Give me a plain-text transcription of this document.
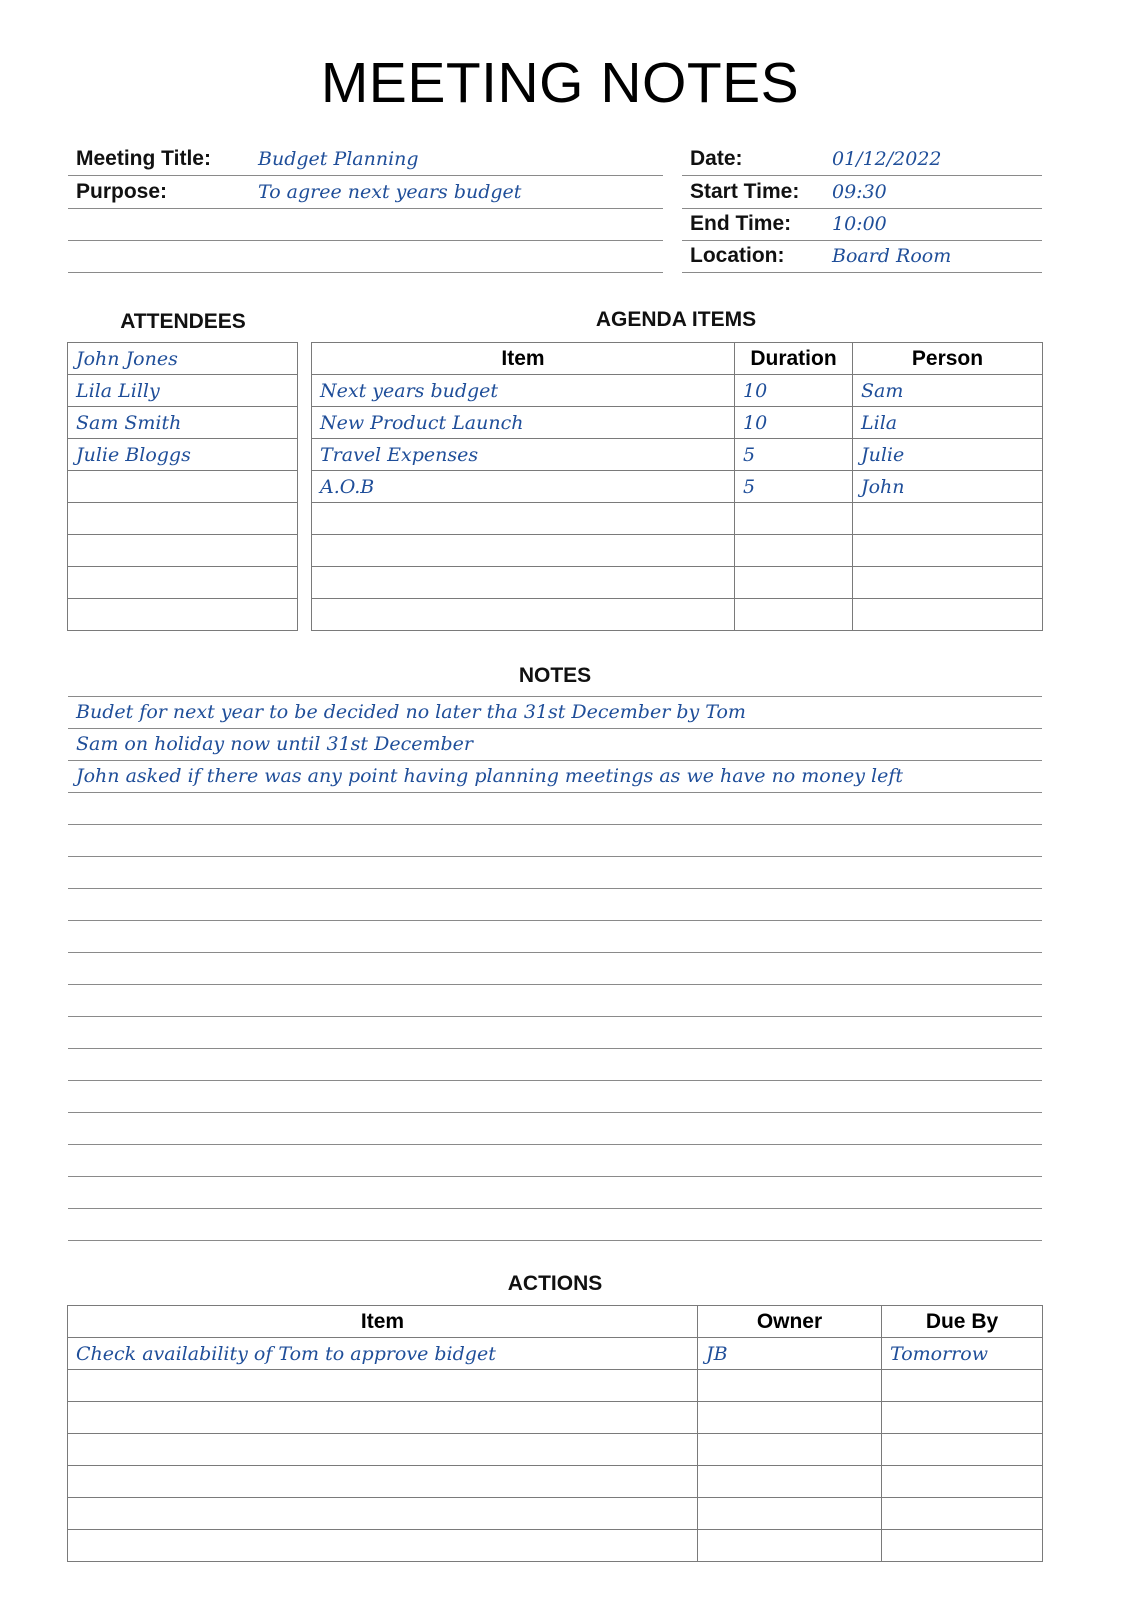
MEETING NOTES
Meeting Title: Budget Planning
Purpose:	To agree next years budget
Date:	01/12/2022
Start Time: 09:30
End Time: 10:00
Location:	Board Room
ATTENDEES
John Jones
Lila Lilly
Sam Smith
Julie Bloggs

AGENDA ITEMS
Item	Duration	Person
Next years budget	10	Sam
New Product Launch	10	Lila
Travel Expenses	5	Julie
A.O.B	5	John

NOTES
Budet for next year to be decided no later tha 31st December by Tom
Sam on holiday now until 31st December
John asked if there was any point having planning meetings as we have no money left
ACTIONS
Item	Owner	Due By
Check availability of Tom to approve bidget	JB	Tomorrow
